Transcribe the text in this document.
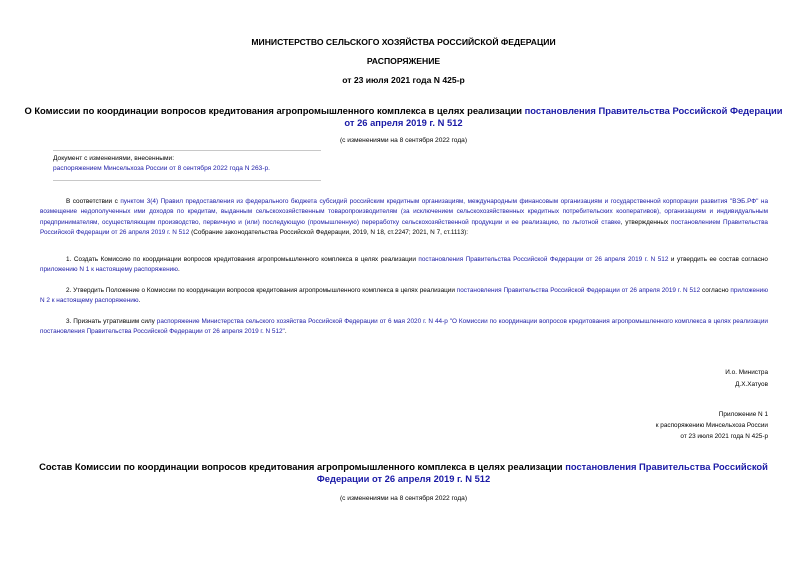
МИНИСТЕРСТВО СЕЛЬСКОГО ХОЗЯЙСТВА РОССИЙСКОЙ ФЕДЕРАЦИИ
РАСПОРЯЖЕНИЕ
от 23 июля 2021 года N 425-р
О Комиссии по координации вопросов кредитования агропромышленного комплекса в целях реализации постановления Правительства Российской Федерации
от 26 апреля 2019 г. N 512
(с изменениями на 8 сентября 2022 года)
Документ с изменениями, внесенными:
распоряжением Минсельхоза России от 8 сентября 2022 года N 263-р.
В соответствии с пунктом 3(4) Правил предоставления из федерального бюджета субсидий российским кредитным организациям, международным финансовым организациям и государственной корпорации развития "ВЭБ.РФ" на возмещение недополученных ими доходов по кредитам, выданным сельскохозяйственным товаропроизводителям (за исключением сельскохозяйственных кредитных потребительских кооперативов), организациям и индивидуальным предпринимателям, осуществляющим производство, первичную и (или) последующую (промышленную) переработку сельскохозяйственной продукции и ее реализацию, по льготной ставке, утвержденных постановлением Правительства Российской Федерации от 26 апреля 2019 г. N 512 (Собрание законодательства Российской Федерации, 2019, N 18, ст.2247; 2021, N 7, ст.1113):
1. Создать Комиссию по координации вопросов кредитования агропромышленного комплекса в целях реализации постановления Правительства Российской Федерации от 26 апреля 2019 г. N 512 и утвердить ее состав согласно приложению N 1 к настоящему распоряжению.
2. Утвердить Положение о Комиссии по координации вопросов кредитования агропромышленного комплекса в целях реализации постановления Правительства Российской Федерации от 26 апреля 2019 г. N 512 согласно приложению N 2 к настоящему распоряжению.
3. Признать утратившим силу распоряжение Министерства сельского хозяйства Российской Федерации от 6 мая 2020 г. N 44-р "О Комиссии по координации вопросов кредитования агропромышленного комплекса в целях реализации постановления Правительства Российской Федерации от 26 апреля 2019 г. N 512".
И.о. Министра
Д.Х.Хатуов
Приложение N 1
к распоряжению Минсельхоза России
от 23 июля 2021 года N 425-р
Состав Комиссии по координации вопросов кредитования агропромышленного комплекса в целях реализации постановления Правительства Российской
Федерации от 26 апреля 2019 г. N 512
(с изменениями на 8 сентября 2022 года)
